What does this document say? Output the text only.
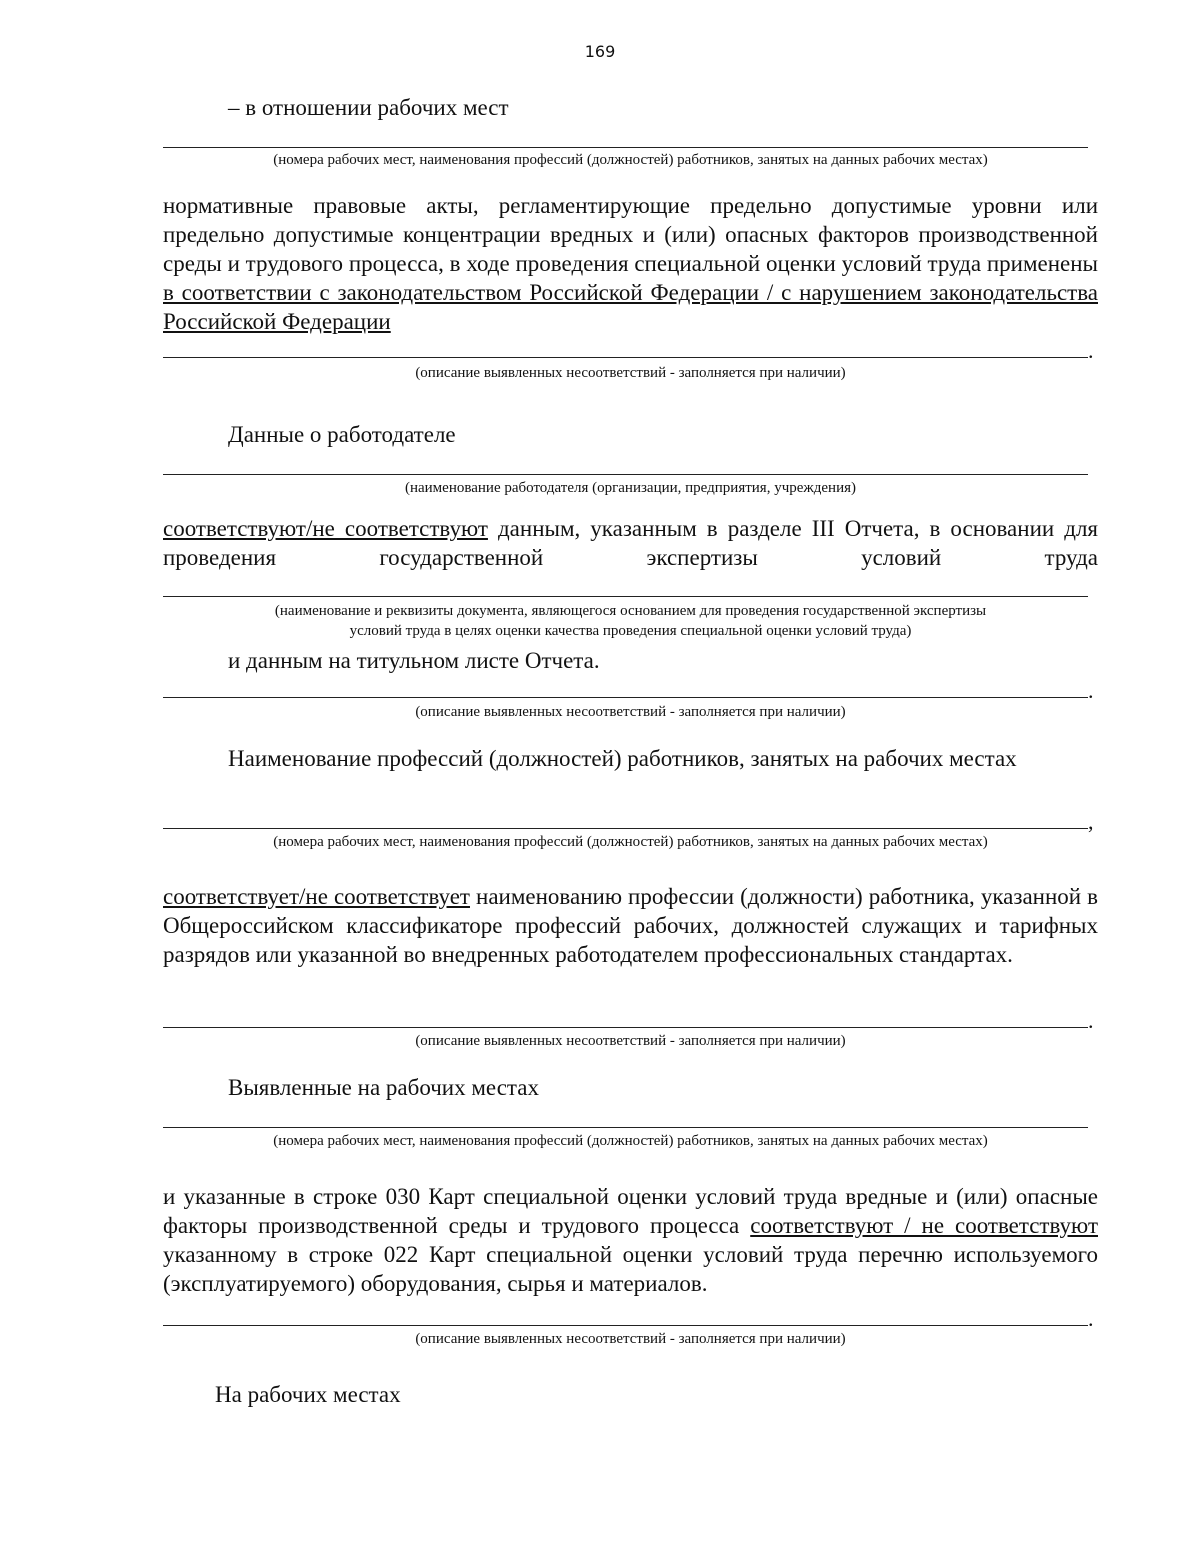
169
– в отношении рабочих мест
(номера рабочих мест, наименования профессий (должностей) работников, занятых на данных рабочих местах)
нормативные правовые акты, регламентирующие предельно допустимые уровни или предельно допустимые концентрации вредных и (или) опасных факторов производственной среды и трудового процесса, в ходе проведения специальной оценки условий труда применены в соответствии с законодательством Российской Федерации / с нарушением законодательства Российской Федерации
.
(описание выявленных несоответствий - заполняется при наличии)
Данные о работодателе
(наименование работодателя (организации, предприятия, учреждения)
соответствуют/не соответствуют данным, указанным в разделе III Отчета, в основании для проведения государственной экспертизы условий труда
(наименование и реквизиты документа, являющегося основанием для проведения государственной экспертизы
условий труда в целях оценки качества проведения специальной оценки условий труда)
и данным на титульном листе Отчета.
.
(описание выявленных несоответствий - заполняется при наличии)
Наименование профессий (должностей) работников, занятых на рабочих местах
,
(номера рабочих мест, наименования профессий (должностей) работников, занятых на данных рабочих местах)
соответствует/не соответствует наименованию профессии (должности) работника, указанной в Общероссийском классификаторе профессий рабочих, должностей служащих и тарифных разрядов или указанной во внедренных работодателем профессиональных стандартах.
.
(описание выявленных несоответствий - заполняется при наличии)
Выявленные на рабочих местах
(номера рабочих мест, наименования профессий (должностей) работников, занятых на данных рабочих местах)
и указанные в строке 030 Карт специальной оценки условий труда вредные и (или) опасные факторы производственной среды и трудового процесса соответствуют / не соответствуют указанному в строке 022 Карт специальной оценки условий труда перечню используемого (эксплуатируемого) оборудования, сырья и материалов.
.
(описание выявленных несоответствий - заполняется при наличии)
На рабочих местах
